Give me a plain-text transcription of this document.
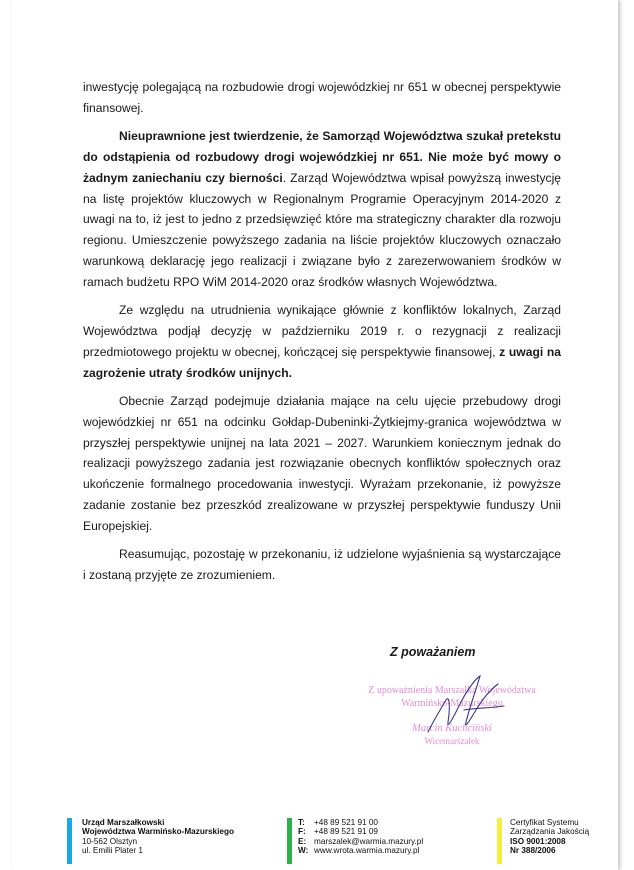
inwestycję polegającą na rozbudowie drogi wojewódzkiej nr 651 w obecnej perspektywie finansowej.

Nieuprawnione jest twierdzenie, że Samorząd Województwa szukał pretekstu do odstąpienia od rozbudowy drogi wojewódzkiej nr 651. Nie może być mowy o żadnym zaniechaniu czy bierności. Zarząd Województwa wpisał powyższą inwestycję na listę projektów kluczowych w Regionalnym Programie Operacyjnym 2014-2020 z uwagi na to, iż jest to jedno z przedsięwzięć które ma strategiczny charakter dla rozwoju regionu. Umieszczenie powyższego zadania na liście projektów kluczowych oznaczało warunkową deklarację jego realizacji i związane było z zarezerwowaniem środków w ramach budżetu RPO WiM 2014-2020 oraz środków własnych Województwa.

Ze względu na utrudnienia wynikające głównie z konfliktów lokalnych, Zarząd Województwa podjął decyzję w październiku 2019 r. o rezygnacji z realizacji przedmiotowego projektu w obecnej, kończącej się perspektywie finansowej, z uwagi na zagrożenie utraty środków unijnych.

Obecnie Zarząd podejmuje działania mające na celu ujęcie przebudowy drogi wojewódzkiej nr 651 na odcinku Gołdap-Dubeninki-Żytkiejmy-granica województwa w przyszłej perspektywie unijnej na lata 2021 – 2027. Warunkiem koniecznym jednak do realizacji powyższego zadania jest rozwiązanie obecnych konfliktów społecznych oraz ukończenie formalnego procedowania inwestycji. Wyrażam przekonanie, iż powyższe zadanie zostanie bez przeszkód zrealizowane w przyszłej perspektywie funduszy Unii Europejskiej.

Reasumując, pozostaję w przekonaniu, iż udzielone wyjaśnienia są wystarczające i zostaną przyjęte ze zrozumieniem.

Z poważaniem
Z upoważnienia Marszałka Województwa
Warmińsko-Mazurskiego
Marcin Kuchciński
Wicemarszałek
Urząd Marszałkowski
Województwa Warmińsko-Mazurskiego
10-562 Olsztyn
ul. Emilii Plater 1
T:	+48 89 521 91 00
F:	+48 89 521 91 09
E: marszalek@warmia.mazury.pl
W: www.wrota.warmia.mazury.pl
Certyfikat Systemu
Zarządzania Jakością
ISO 9001:2008
Nr 388/2006
